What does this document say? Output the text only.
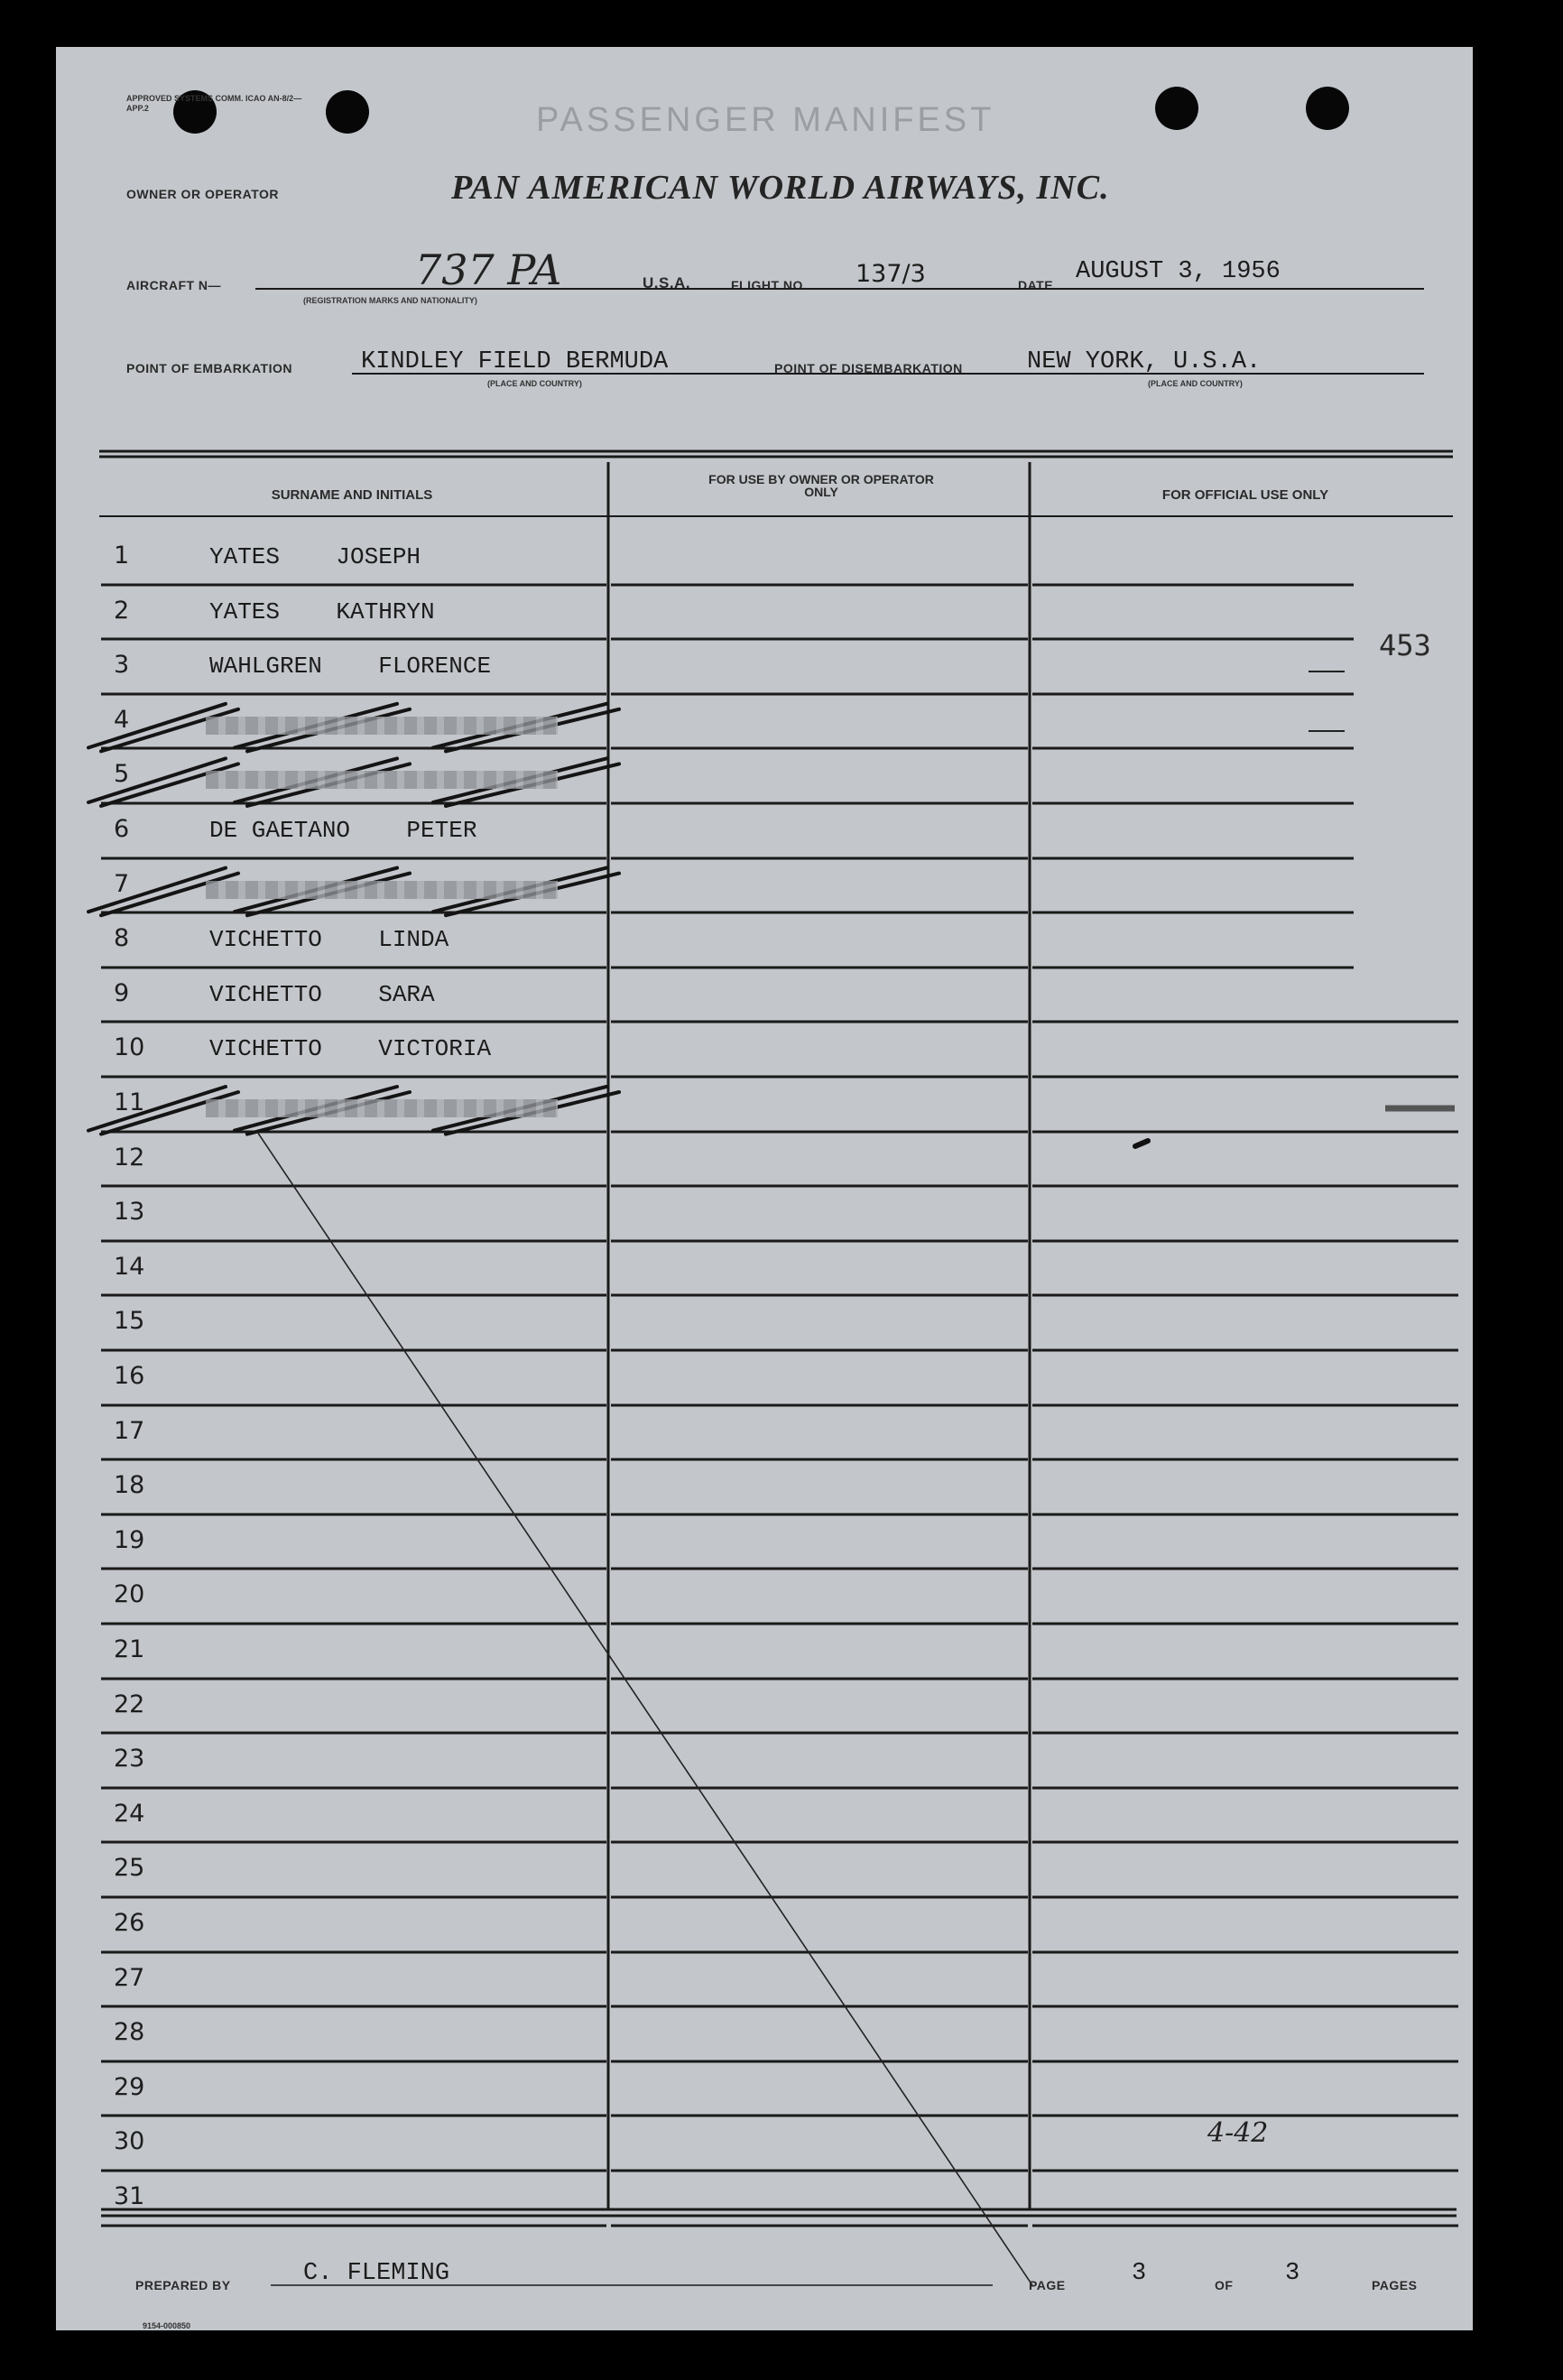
APPROVED SYSTEMS COMM. ICAO AN-8/2—APP.2	PASSENGER MANIFEST
OWNER OR OPERATOR	PAN AMERICAN WORLD AIRWAYS, INC.
AIRCRAFT N—	737 PA	U.S.A.
(REGISTRATION MARKS AND NATIONALITY)
FLIGHT NO. 137/3	DATE AUGUST 3, 1956
POINT OF EMBARKATION	KINDLEY FIELD BERMUDA
(PLACE AND COUNTRY)
POINT OF DISEMBARKATION	NEW YORK, U.S.A.
(PLACE AND COUNTRY)
SURNAME AND INITIALS
FOR USE BY OWNER OR OPERATOR ONLY	FOR OFFICIAL USE ONLY
1	YATES    JOSEPH
2	YATES    KATHRYN
3	WAHLGREN    FLORENCE
4
5
6	DE GAETANO    PETER
7
8	VICHETTO    LINDA
9	VICHETTO    SARA
10	VICHETTO    VICTORIA
11
12
13
14
15
16
17
18
19
20
21
22
23
24
25
26
27
28
29
30
31
453
4-42
PREPARED BY	C. FLEMING	PAGE	3	OF 3	PAGES
9154-000850
